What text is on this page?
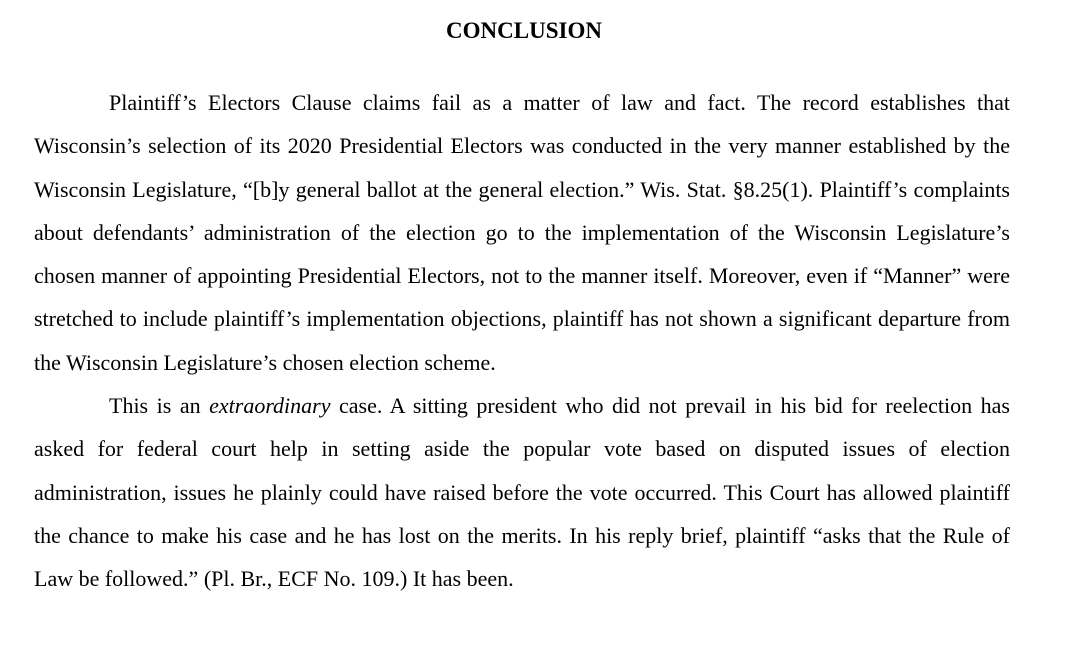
CONCLUSION

Plaintiff’s Electors Clause claims fail as a matter of law and fact. The record establishes that Wisconsin’s selection of its 2020 Presidential Electors was conducted in the very manner established by the Wisconsin Legislature, “[b]y general ballot at the general election.” Wis. Stat. §8.25(1). Plaintiff’s complaints about defendants’ administration of the election go to the implementation of the Wisconsin Legislature’s chosen manner of appointing Presidential Electors, not to the manner itself. Moreover, even if “Manner” were stretched to include plaintiff’s implementation objections, plaintiff has not shown a significant departure from the Wisconsin Legislature’s chosen election scheme.

This is an extraordinary case. A sitting president who did not prevail in his bid for reelection has asked for federal court help in setting aside the popular vote based on disputed issues of election administration, issues he plainly could have raised before the vote occurred. This Court has allowed plaintiff the chance to make his case and he has lost on the merits. In his reply brief, plaintiff “asks that the Rule of Law be followed.” (Pl. Br., ECF No. 109.) It has been.
